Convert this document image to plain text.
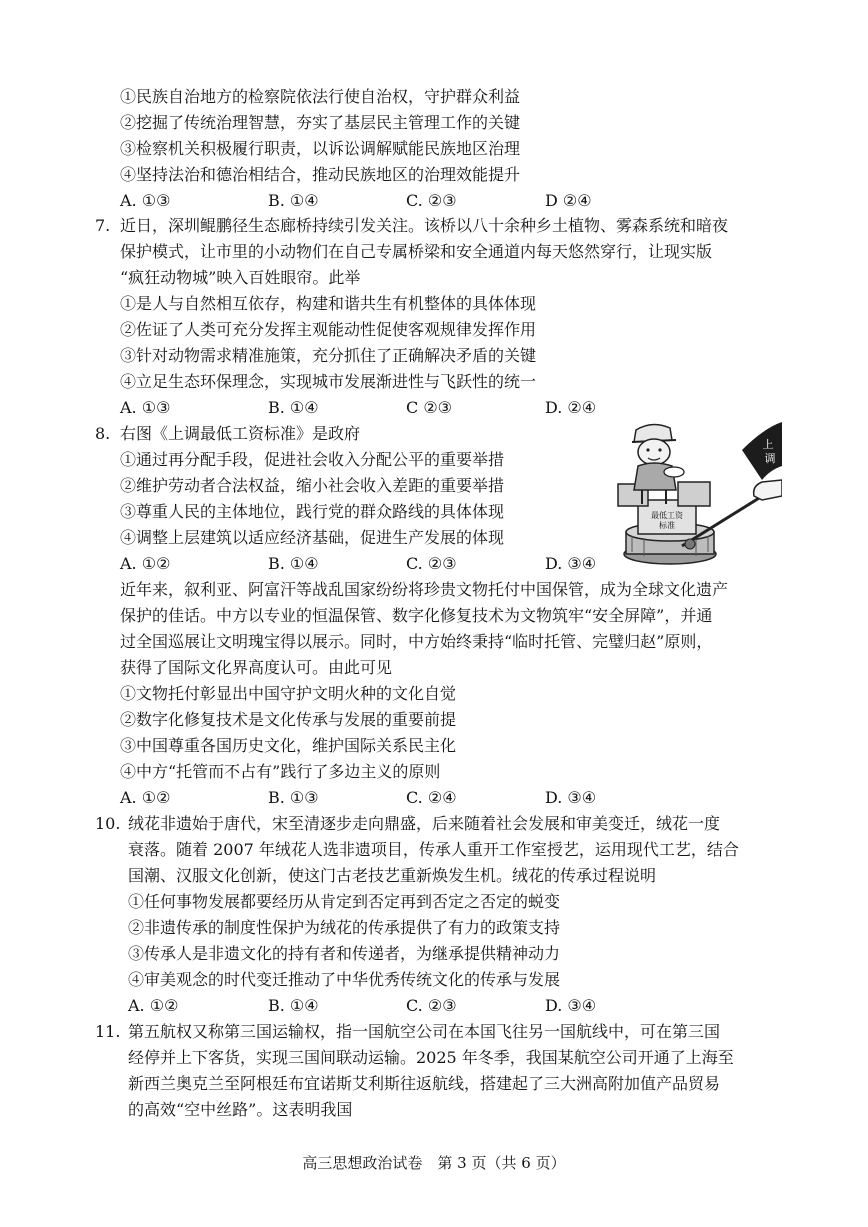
①民族自治地方的检察院依法行使自治权，守护群众利益
②挖掘了传统治理智慧，夯实了基层民主管理工作的关键
③检察机关积极履行职责，以诉讼调解赋能民族地区治理
④坚持法治和德治相结合，推动民族地区的治理效能提升
A. ①③	B. ①④	C. ②③	D ②④
7. 近日，深圳鲲鹏径生态廊桥持续引发关注。该桥以八十余种乡土植物、雾森系统和暗夜
保护模式，让市里的小动物们在自己专属桥梁和安全通道内每天悠然穿行，让现实版
“疯狂动物城”映入百姓眼帘。此举
①是人与自然相互依存，构建和谐共生有机整体的具体体现
②佐证了人类可充分发挥主观能动性促使客观规律发挥作用
③针对动物需求精准施策，充分抓住了正确解决矛盾的关键
④立足生态环保理念，实现城市发展渐进性与飞跃性的统一
A. ①③	B. ①④	C ②③	D. ②④
8. 右图《上调最低工资标准》是政府
①通过再分配手段，促进社会收入分配公平的重要举措
②维护劳动者合法权益，缩小社会收入差距的重要举措
③尊重人民的主体地位，践行党的群众路线的具体体现
④调整上层建筑以适应经济基础，促进生产发展的体现
A. ①②	B. ①④	C. ②③	D. ③④
最低工资
标准
上
调
近年来，叙利亚、阿富汗等战乱国家纷纷将珍贵文物托付中国保管，成为全球文化遗产
保护的佳话。中方以专业的恒温保管、数字化修复技术为文物筑牢“安全屏障”，并通
过全国巡展让文明瑰宝得以展示。同时，中方始终秉持“临时托管、完璧归赵”原则，
获得了国际文化界高度认可。由此可见
①文物托付彰显出中国守护文明火种的文化自觉
②数字化修复技术是文化传承与发展的重要前提
③中国尊重各国历史文化，维护国际关系民主化
④中方“托管而不占有”践行了多边主义的原则
A. ①②	B. ①③	C. ②④	D. ③④
10. 绒花非遗始于唐代，宋至清逐步走向鼎盛，后来随着社会发展和审美变迁，绒花一度
衰落。随着 2007 年绒花人选非遗项目，传承人重开工作室授艺，运用现代工艺，结合
国潮、汉服文化创新，使这门古老技艺重新焕发生机。绒花的传承过程说明
①任何事物发展都要经历从肯定到否定再到否定之否定的蜕变
②非遗传承的制度性保护为绒花的传承提供了有力的政策支持
③传承人是非遗文化的持有者和传递者，为继承提供精神动力
④审美观念的时代变迁推动了中华优秀传统文化的传承与发展
A. ①②	B. ①④	C. ②③	D. ③④
11. 第五航权又称第三国运输权，指一国航空公司在本国飞往另一国航线中，可在第三国
经停并上下客货，实现三国间联动运输。2025 年冬季，我国某航空公司开通了上海至
新西兰奥克兰至阿根廷布宜诺斯艾利斯往返航线，搭建起了三大洲高附加值产品贸易
的高效“空中丝路”。这表明我国
高三思想政治试卷　第 3 页（共 6 页）
